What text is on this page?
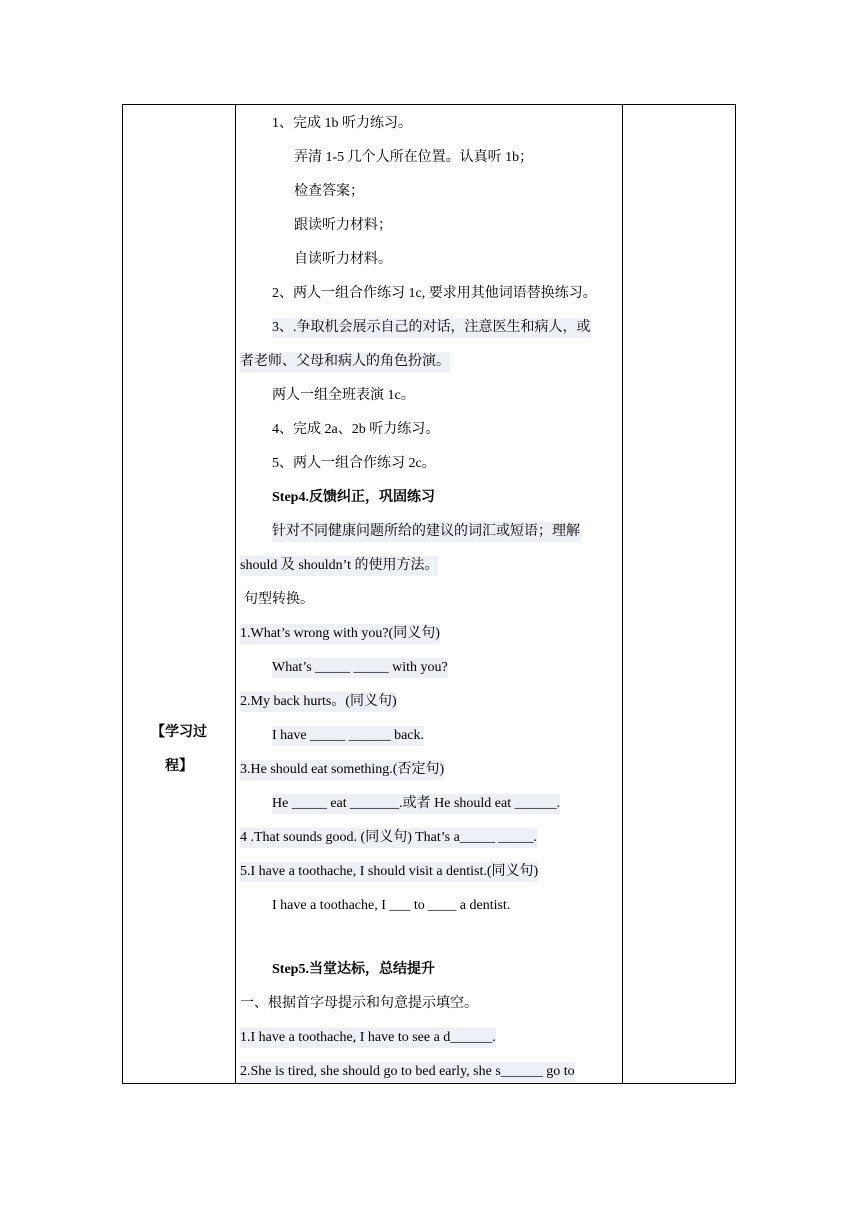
【学习过
程】
1、完成 1b 听力练习。
弄清 1-5 几个人所在位置。认真听 1b；
检查答案；
跟读听力材料；
自读听力材料。
2、两人一组合作练习 1c, 要求用其他词语替换练习。
3、.争取机会展示自己的对话，注意医生和病人，或
者老师、父母和病人的角色扮演。
两人一组全班表演 1c。
4、完成 2a、2b 听力练习。
5、两人一组合作练习 2c。
Step4.反馈纠正，巩固练习
针对不同健康问题所给的建议的词汇或短语；理解
should 及 shouldn’t 的使用方法。
句型转换。
1.What’s wrong with you?(同义句)
What’s _____ _____ with you?
2.My back hurts。(同义句)
I have _____ ______ back.
3.He should eat something.(否定句)
He _____ eat _______.或者 He should eat ______.
4 .That sounds good. (同义句) That’s a_____ _____.
5.I have a toothache, I should visit a dentist.(同义句)
I have a toothache, I ___ to ____ a dentist.
Step5.当堂达标，总结提升
一、根据首字母提示和句意提示填空。
1.I have a toothache, I have to see a d______.
2.She is tired, she should go to bed early, she s______ go to
